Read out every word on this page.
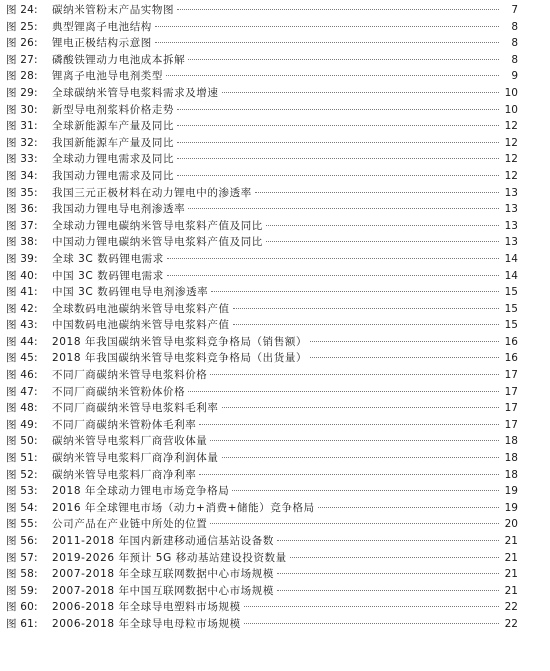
图 24:	碳纳米管粉末产品实物图	7
图 25:	典型锂离子电池结构	8
图 26:	锂电正极结构示意图	8
图 27:	磷酸铁锂动力电池成本拆解	8
图 28:	锂离子电池导电剂类型	9
图 29:	全球碳纳米管导电浆料需求及增速	10
图 30:	新型导电剂浆料价格走势	10
图 31:	全球新能源车产量及同比	12
图 32:	我国新能源车产量及同比	12
图 33:	全球动力锂电需求及同比	12
图 34:	我国动力锂电需求及同比	12
图 35:	我国三元正极材料在动力锂电中的渗透率	13
图 36:	我国动力锂电导电剂渗透率	13
图 37:	全球动力锂电碳纳米管导电浆料产值及同比	13
图 38:	中国动力锂电碳纳米管导电浆料产值及同比	13
图 39:	全球 3C 数码锂电需求	14
图 40:	中国 3C 数码锂电需求	14
图 41:	中国 3C 数码锂电导电剂渗透率	15
图 42:	全球数码电池碳纳米管导电浆料产值	15
图 43:	中国数码电池碳纳米管导电浆料产值	15
图 44:	2018 年我国碳纳米管导电浆料竞争格局（销售额）	16
图 45:	2018 年我国碳纳米管导电浆料竞争格局（出货量）	16
图 46:	不同厂商碳纳米管导电浆料价格	17
图 47:	不同厂商碳纳米管粉体价格	17
图 48:	不同厂商碳纳米管导电浆料毛利率	17
图 49:	不同厂商碳纳米管粉体毛利率	17
图 50:	碳纳米管导电浆料厂商营收体量	18
图 51:	碳纳米管导电浆料厂商净利润体量	18
图 52:	碳纳米管导电浆料厂商净利率	18
图 53:	2018 年全球动力锂电市场竞争格局	19
图 54:	2016 年全球锂电市场（动力+消费+储能）竞争格局	19
图 55:	公司产品在产业链中所处的位置	20
图 56:	2011-2018 年国内新建移动通信基站设备数	21
图 57:	2019-2026 年预计 5G 移动基站建设投资数量	21
图 58:	2007-2018 年全球互联网数据中心市场规模	21
图 59:	2007-2018 年中国互联网数据中心市场规模	21
图 60:	2006-2018 年全球导电塑料市场规模	22
图 61:	2006-2018 年全球导电母粒市场规模	22
